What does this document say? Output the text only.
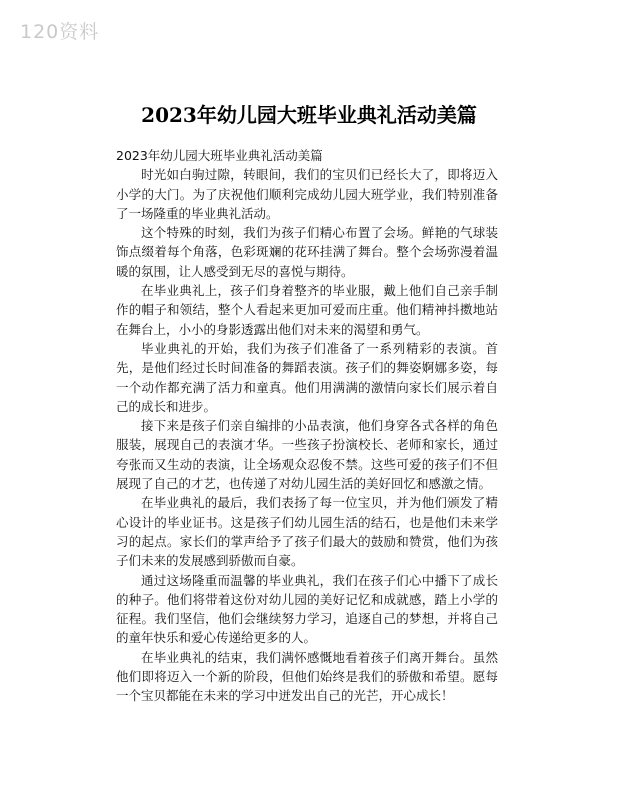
120资料
2023年幼儿园大班毕业典礼活动美篇

2023年幼儿园大班毕业典礼活动美篇

时光如白驹过隙，转眼间，我们的宝贝们已经长大了，即将迈入小学的大门。为了庆祝他们顺利完成幼儿园大班学业，我们特别准备了一场隆重的毕业典礼活动。

这个特殊的时刻，我们为孩子们精心布置了会场。鲜艳的气球装饰点缀着每个角落，色彩斑斓的花环挂满了舞台。整个会场弥漫着温暖的氛围，让人感受到无尽的喜悦与期待。

在毕业典礼上，孩子们身着整齐的毕业服，戴上他们自己亲手制作的帽子和领结，整个人看起来更加可爱而庄重。他们精神抖擞地站在舞台上，小小的身影透露出他们对未来的渴望和勇气。

毕业典礼的开始，我们为孩子们准备了一系列精彩的表演。首先，是他们经过长时间准备的舞蹈表演。孩子们的舞姿婀娜多姿，每一个动作都充满了活力和童真。他们用满满的激情向家长们展示着自己的成长和进步。

接下来是孩子们亲自编排的小品表演，他们身穿各式各样的角色服装，展现自己的表演才华。一些孩子扮演校长、老师和家长，通过夸张而又生动的表演，让全场观众忍俊不禁。这些可爱的孩子们不但展现了自己的才艺，也传递了对幼儿园生活的美好回忆和感激之情。

在毕业典礼的最后，我们表扬了每一位宝贝，并为他们颁发了精心设计的毕业证书。这是孩子们幼儿园生活的结石，也是他们未来学习的起点。家长们的掌声给予了孩子们最大的鼓励和赞赏，他们为孩子们未来的发展感到骄傲而自豪。

通过这场隆重而温馨的毕业典礼，我们在孩子们心中播下了成长的种子。他们将带着这份对幼儿园的美好记忆和成就感，踏上小学的征程。我们坚信，他们会继续努力学习，追逐自己的梦想，并将自己的童年快乐和爱心传递给更多的人。

在毕业典礼的结束，我们满怀感慨地看着孩子们离开舞台。虽然他们即将迈入一个新的阶段，但他们始终是我们的骄傲和希望。愿每一个宝贝都能在未来的学习中迸发出自己的光芒，开心成长！
